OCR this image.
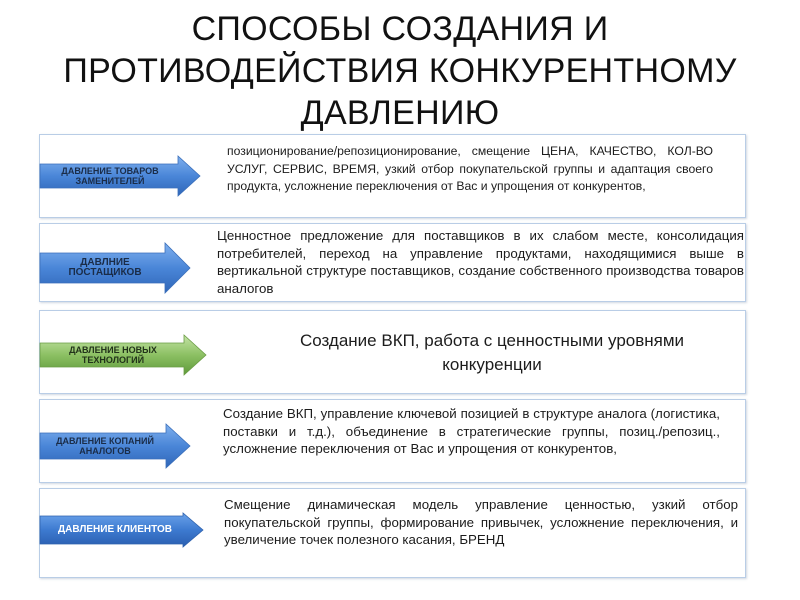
СПОСОБЫ СОЗДАНИЯ И
ПРОТИВОДЕЙСТВИЯ КОНКУРЕНТНОМУ
ДАВЛЕНИЮ
ДАВЛЕНИЕ ТОВАРОВ ЗАМЕНИТЕЛЕЙ
позиционирование/репозиционирование, смещение ЦЕНА, КАЧЕСТВО, КОЛ-ВО УСЛУГ, СЕРВИС, ВРЕМЯ, узкий отбор покупательской группы и адаптация своего продукта, усложнение переключения от Вас и упрощения от конкурентов,
ДАВЛНИЕ ПОСТАЩИКОВ
Ценностное предложение для поставщиков в их слабом месте, консолидация потребителей, переход на управление продуктами, находящимися выше в вертикальной структуре поставщиков, создание собственного производства товаров аналогов
ДАВЛЕНИЕ НОВЫХ ТЕХНОЛОГИЙ
Создание ВКП, работа с ценностными уровнями конкуренции
ДАВЛЕНИЕ КОПАНИЙ АНАЛОГОВ
Создание ВКП, управление ключевой позицией в структуре аналога (логистика, поставки и т.д.), объединение в стратегические группы, позиц./репозиц., усложнение переключения от Вас и упрощения от конкурентов,
ДАВЛЕНИЕ КЛИЕНТОВ
Смещение динамическая модель управление ценностью, узкий отбор покупательской группы, формирование привычек, усложнение переключения, и увеличение точек полезного касания, БРЕНД
